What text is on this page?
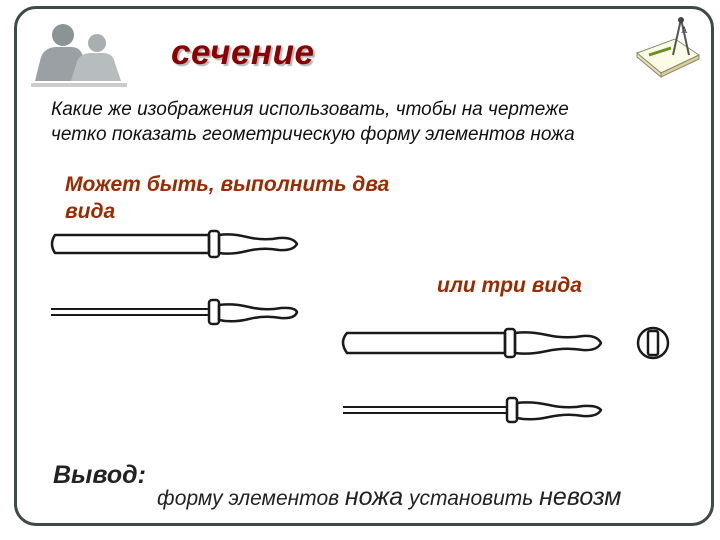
сечение
A

Какие же изображения использовать, чтобы на чертеже четко показать геометрическую форму элементов ножа

Может быть, выполнить два вида

или три вида

Вывод:

форму элементов ножа установить невозм
